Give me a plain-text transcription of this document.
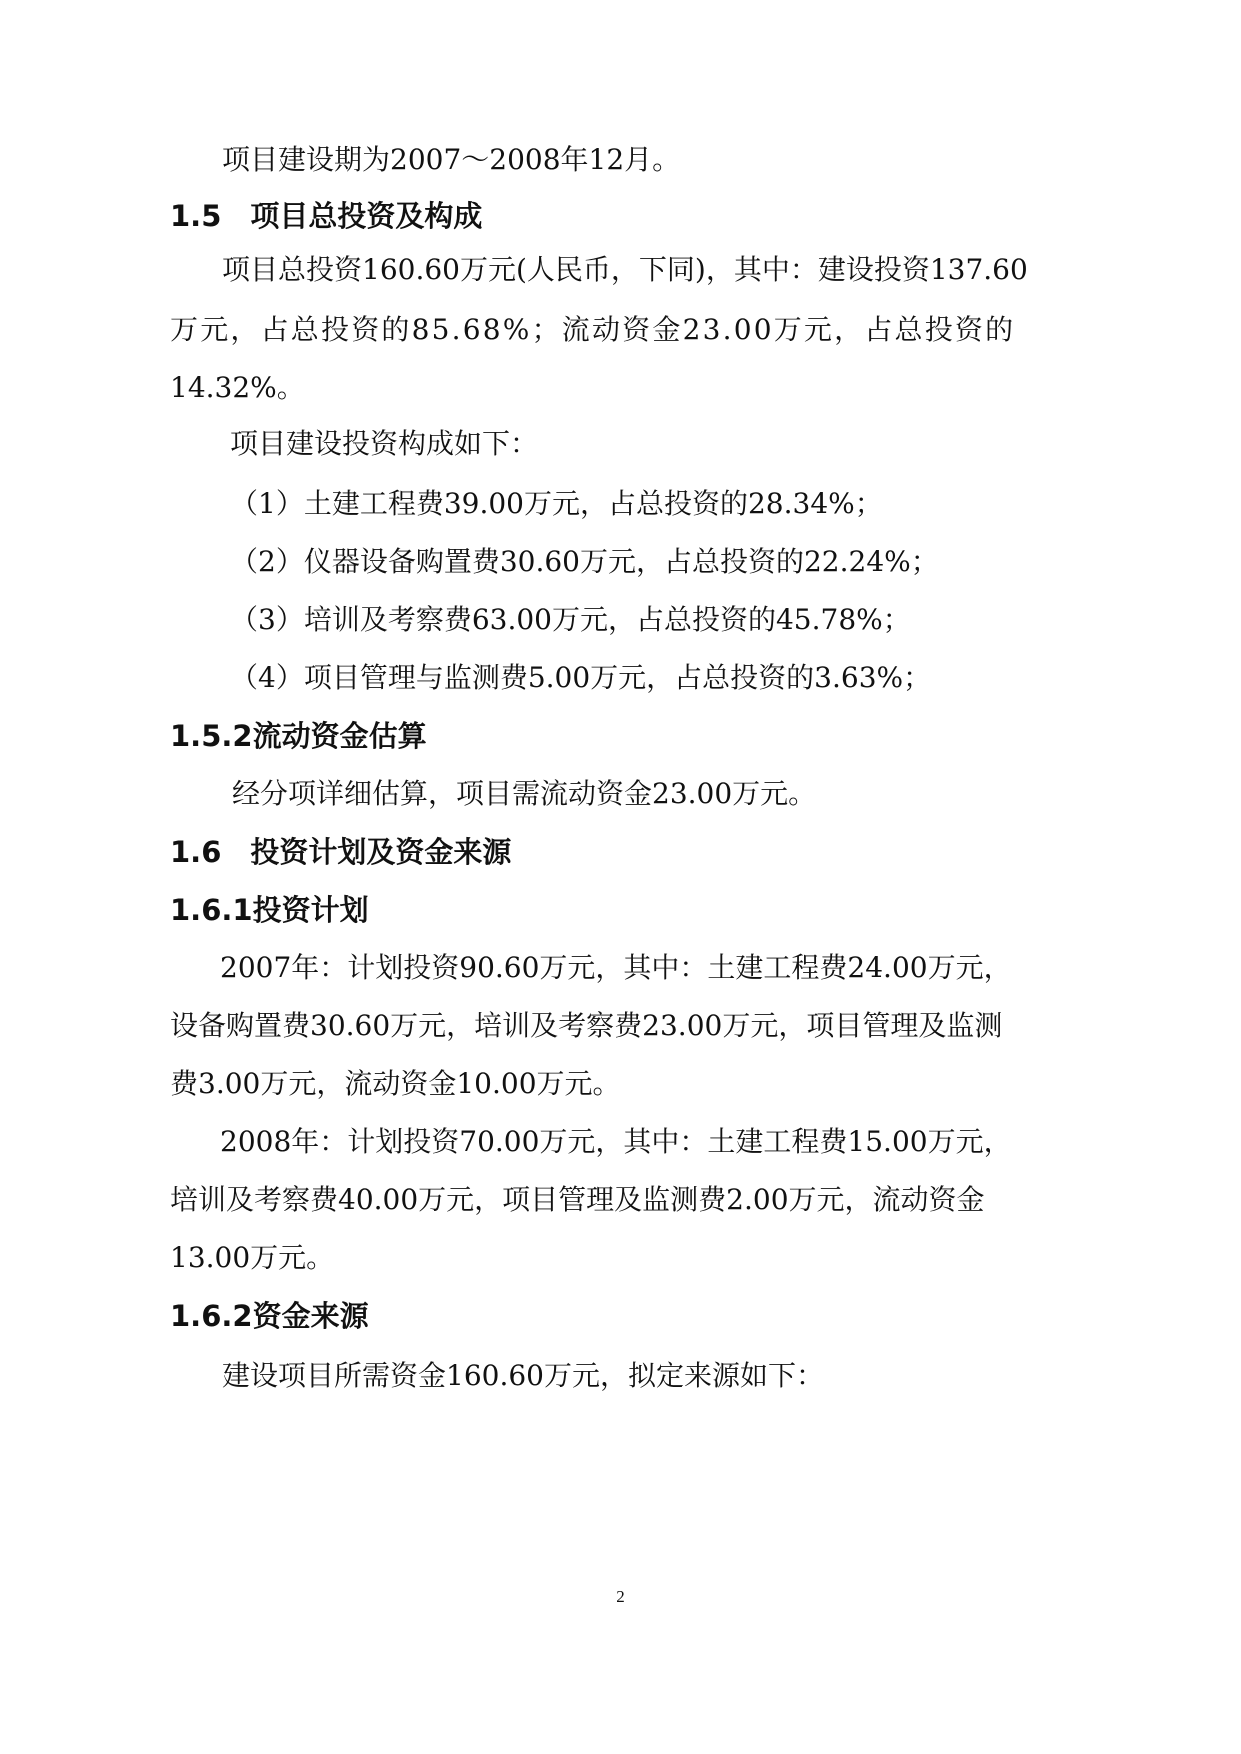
项目建设期为2007～2008年12月。
1.5　项目总投资及构成
项目总投资160.60万元(人民币，下同)，其中：建设投资137.60
万元，占总投资的85.68%；流动资金23.00万元，占总投资的
14.32%。
项目建设投资构成如下：
（1）土建工程费39.00万元，占总投资的28.34%；
（2）仪器设备购置费30.60万元，占总投资的22.24%；
（3）培训及考察费63.00万元，占总投资的45.78%；
（4）项目管理与监测费5.00万元，占总投资的3.63%；
1.5.2流动资金估算
经分项详细估算，项目需流动资金23.00万元。
1.6　投资计划及资金来源
1.6.1投资计划
2007年：计划投资90.60万元，其中：土建工程费24.00万元，
设备购置费30.60万元，培训及考察费23.00万元，项目管理及监测
费3.00万元，流动资金10.00万元。
2008年：计划投资70.00万元，其中：土建工程费15.00万元，
培训及考察费40.00万元，项目管理及监测费2.00万元，流动资金
13.00万元。
1.6.2资金来源
建设项目所需资金160.60万元，拟定来源如下：
2
